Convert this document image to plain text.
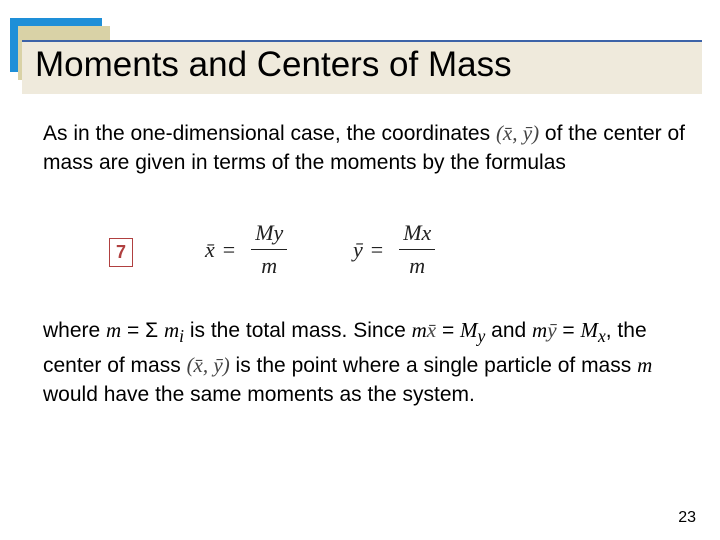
Moments and Centers of Mass

As in the one-dimensional case, the coordinates (x̄, ȳ) of the center of mass are given in terms of the moments by the formulas

7	x̄ = $\frac{My}{m}$	ȳ = $\frac{Mx}{m}$

where m = Σ $m_i$ is the total mass. Since mx̄ = $M_y$ and mȳ = $M_x$, the center of mass (x̄, ȳ) is the point where a single particle of mass m would have the same moments as the system.

23
